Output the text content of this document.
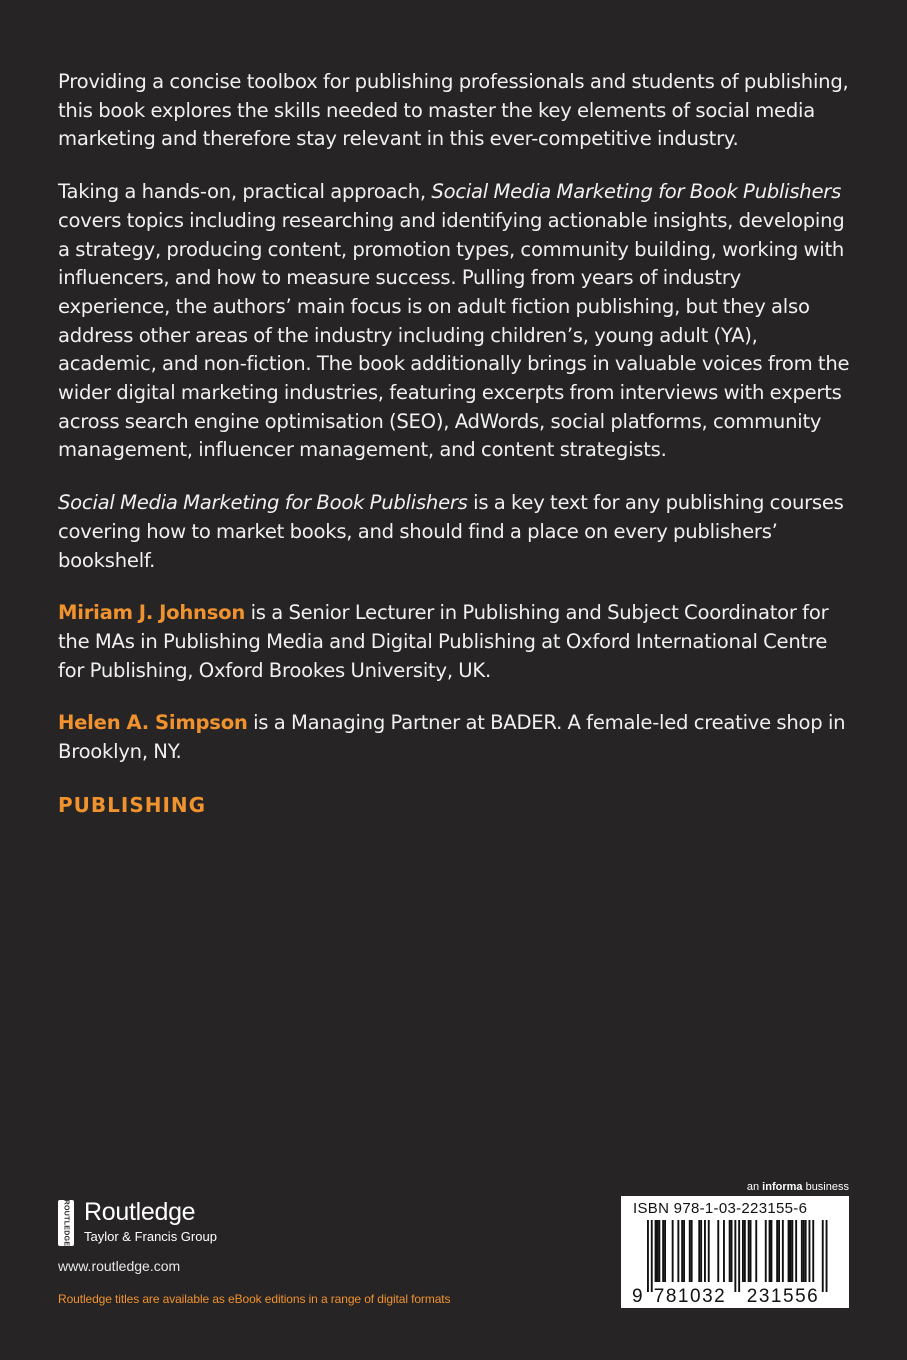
Providing a concise toolbox for publishing professionals and students of publishing, this book explores the skills needed to master the key elements of social media marketing and therefore stay relevant in this ever-competitive industry.

Taking a hands-on, practical approach, Social Media Marketing for Book Publishers covers topics including researching and identifying actionable insights, developing a strategy, producing content, promotion types, community building, working with influencers, and how to measure success. Pulling from years of industry experience, the authors’ main focus is on adult fiction publishing, but they also address other areas of the industry including children’s, young adult (YA), academic, and non-fiction. The book additionally brings in valuable voices from the wider digital marketing industries, featuring excerpts from interviews with experts across search engine optimisation (SEO), AdWords, social platforms, community management, influencer management, and content strategists.

Social Media Marketing for Book Publishers is a key text for any publishing courses covering how to market books, and should find a place on every publishers’ bookshelf.

Miriam J. Johnson is a Senior Lecturer in Publishing and Subject Coordinator for the MAs in Publishing Media and Digital Publishing at Oxford International Centre for Publishing, Oxford Brookes University, UK.

Helen A. Simpson is a Managing Partner at BADER. A female-led creative shop in Brooklyn, NY.

PUBLISHING
ROUTLEDGE Routledge
Taylor & Francis Group
www.routledge.com
Routledge titles are available as eBook editions in a range of digital formats
an informa business
ISBN 978-1-03-223155-6
9 781032 231556
